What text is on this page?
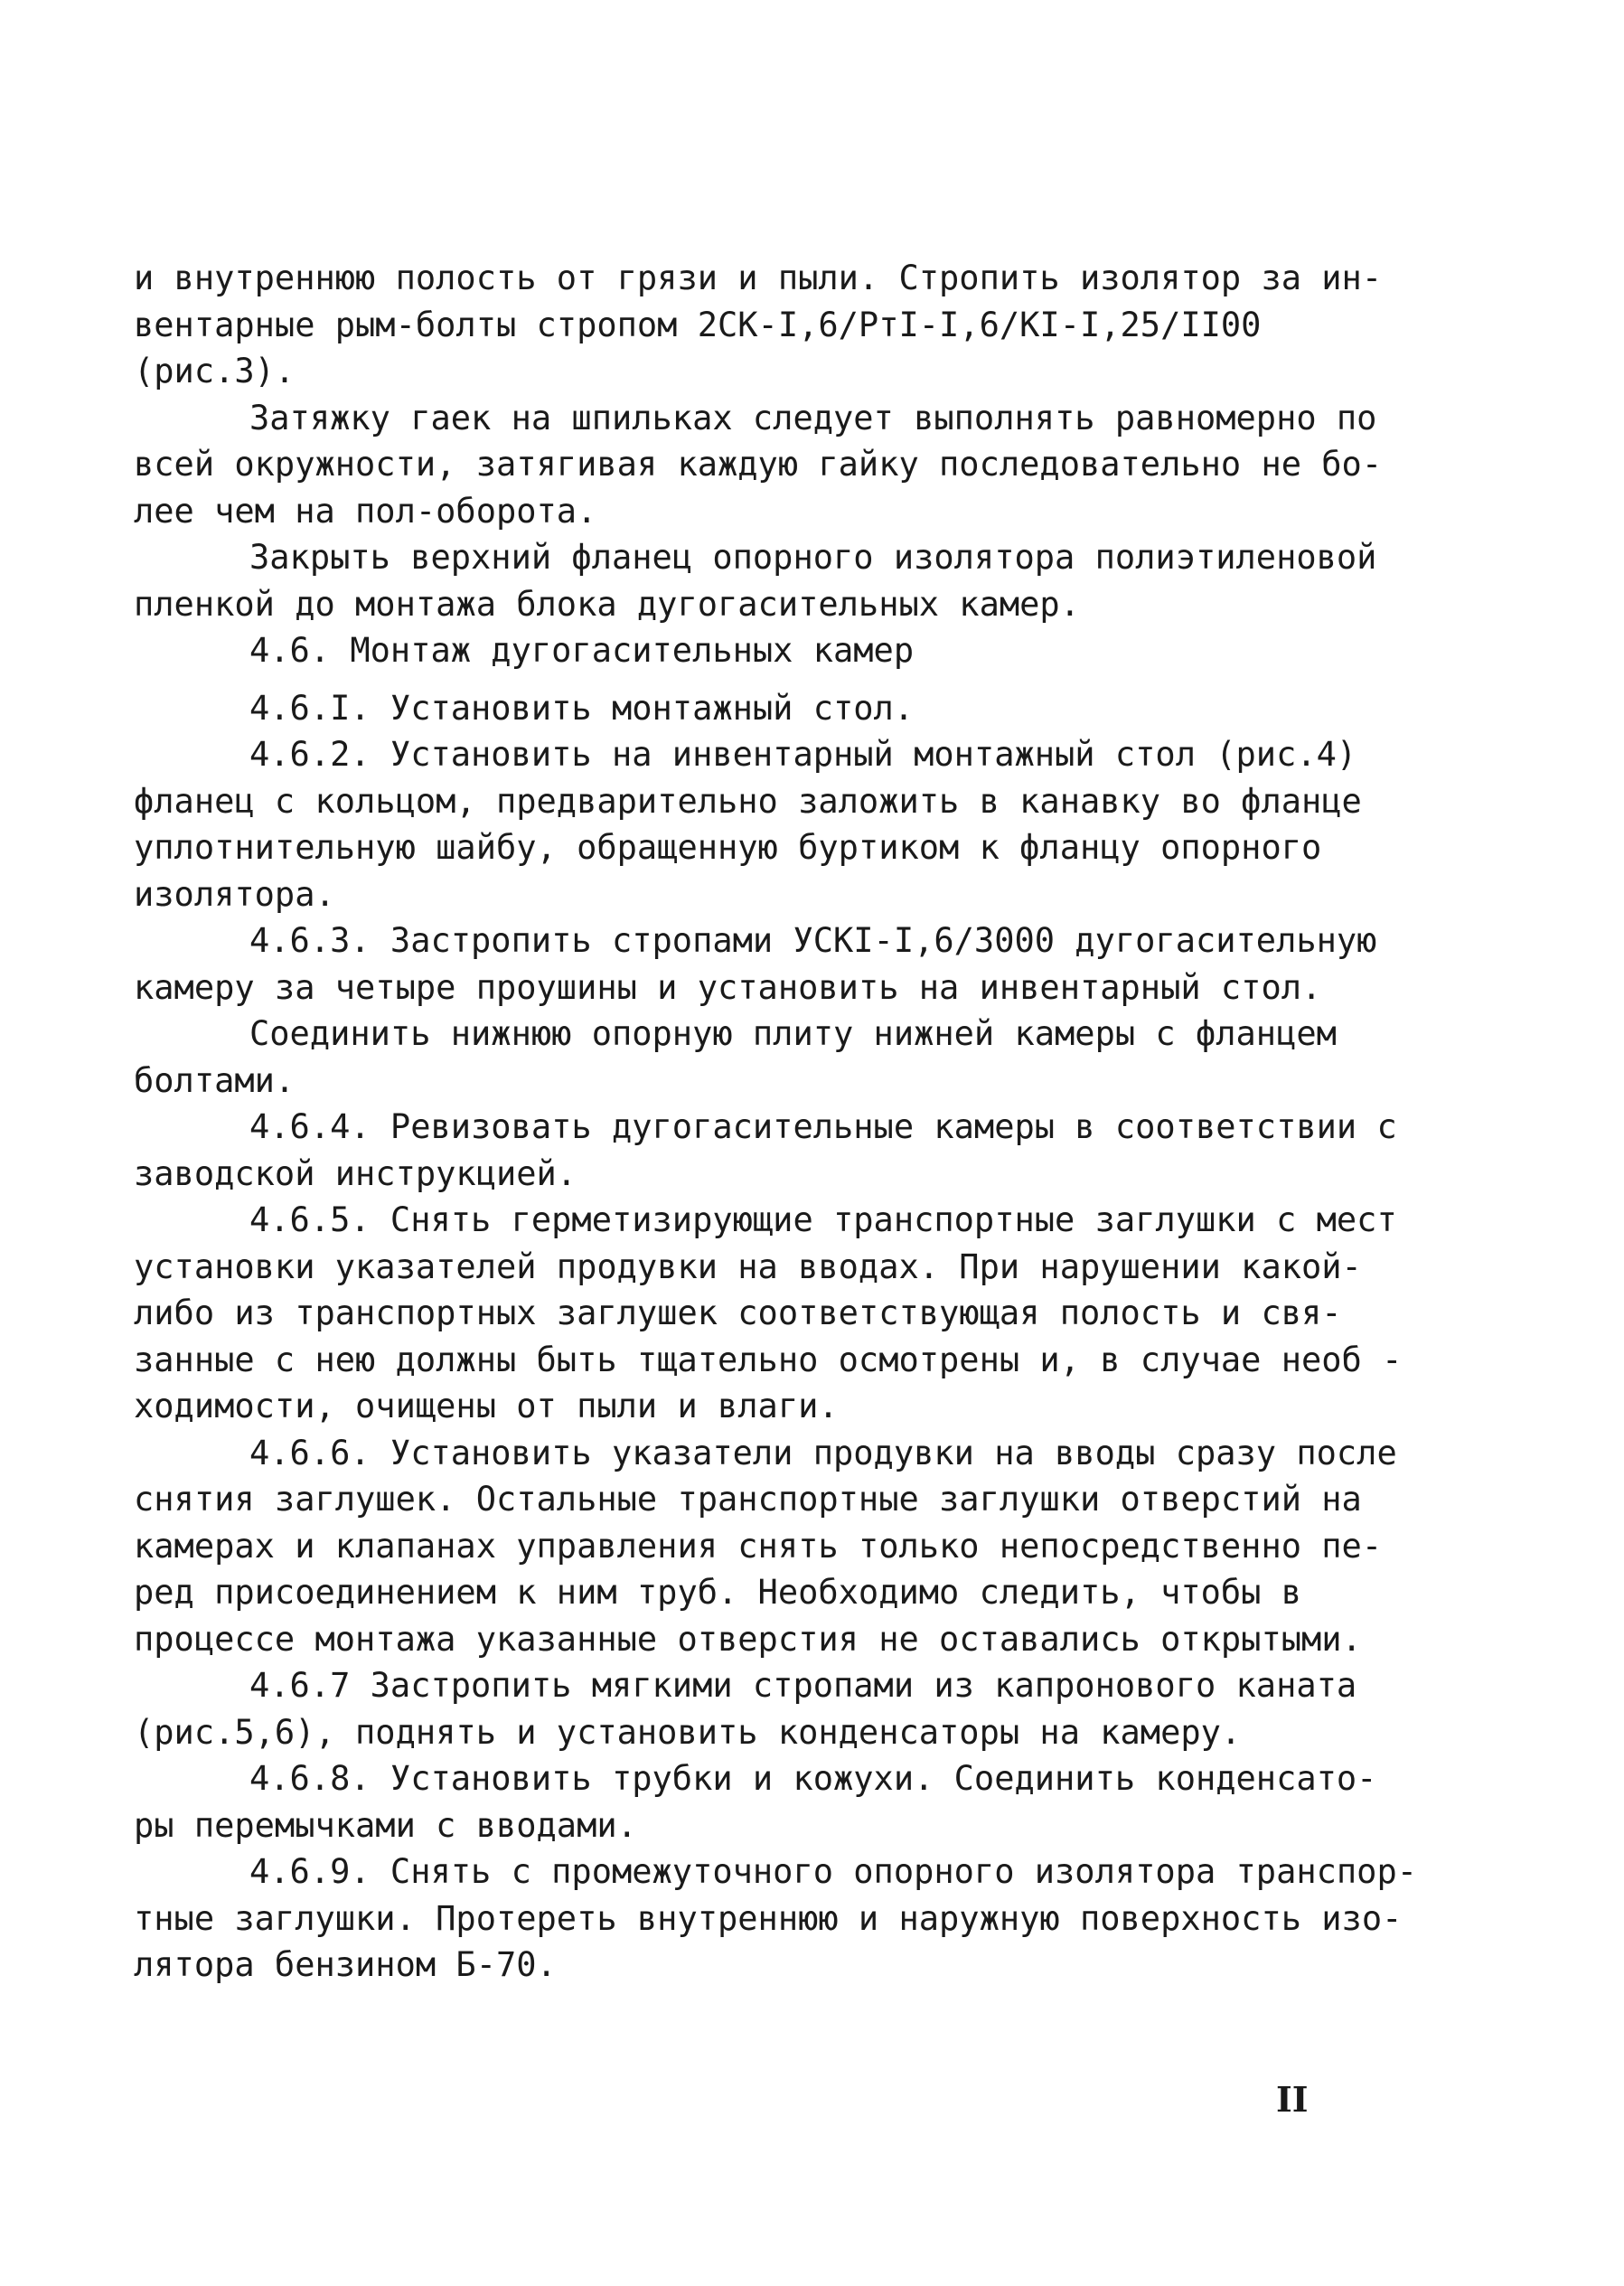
и внутреннюю полость от грязи и пыли. Стропить изолятор за ин-
вентарные рым-болты стропом 2СК-I,6/РтI-I,6/КI-I,25/II00
(рис.3).
Затяжку гаек на шпильках следует выполнять равномерно по
всей окружности, затягивая каждую гайку последовательно не бо-
лее чем на пол-оборота.
Закрыть верхний фланец опорного изолятора полиэтиленовой
пленкой до монтажа блока дугогасительных камер.
4.6. Монтаж дугогасительных камер
4.6.I. Установить монтажный стол.
4.6.2. Установить на инвентарный монтажный стол (рис.4)
фланец с кольцом, предварительно заложить в канавку во фланце
уплотнительную шайбу, обращенную буртиком к фланцу опорного
изолятора.
4.6.3. Застропить стропами УСКI-I,6/3000 дугогасительную
камеру за четыре проушины и установить на инвентарный стол.
Соединить нижнюю опорную плиту нижней камеры с фланцем
болтами.
4.6.4. Ревизовать дугогасительные камеры в соответствии с
заводской инструкцией.
4.6.5. Снять герметизирующие транспортные заглушки с мест
установки указателей продувки на вводах. При нарушении какой-
либо из транспортных заглушек соответствующая полость и свя-
занные с нею должны быть тщательно осмотрены и, в случае необ -
ходимости, очищены от пыли и влаги.
4.6.6. Установить указатели продувки на вводы сразу после
снятия заглушек. Остальные транспортные заглушки отверстий на
камерах и клапанах управления снять только непосредственно пе-
ред присоединением к ним труб. Необходимо следить, чтобы в
процессе монтажа указанные отверстия не оставались открытыми.
4.6.7 Застропить мягкими стропами из капронового каната
(рис.5,6), поднять и установить конденсаторы на камеру.
4.6.8. Установить трубки и кожухи. Соединить конденсато-
ры перемычками с вводами.
4.6.9. Снять с промежуточного опорного изолятора транспор-
тные заглушки. Протереть внутреннюю и наружную поверхность изо-
лятора бензином Б-70.
II
